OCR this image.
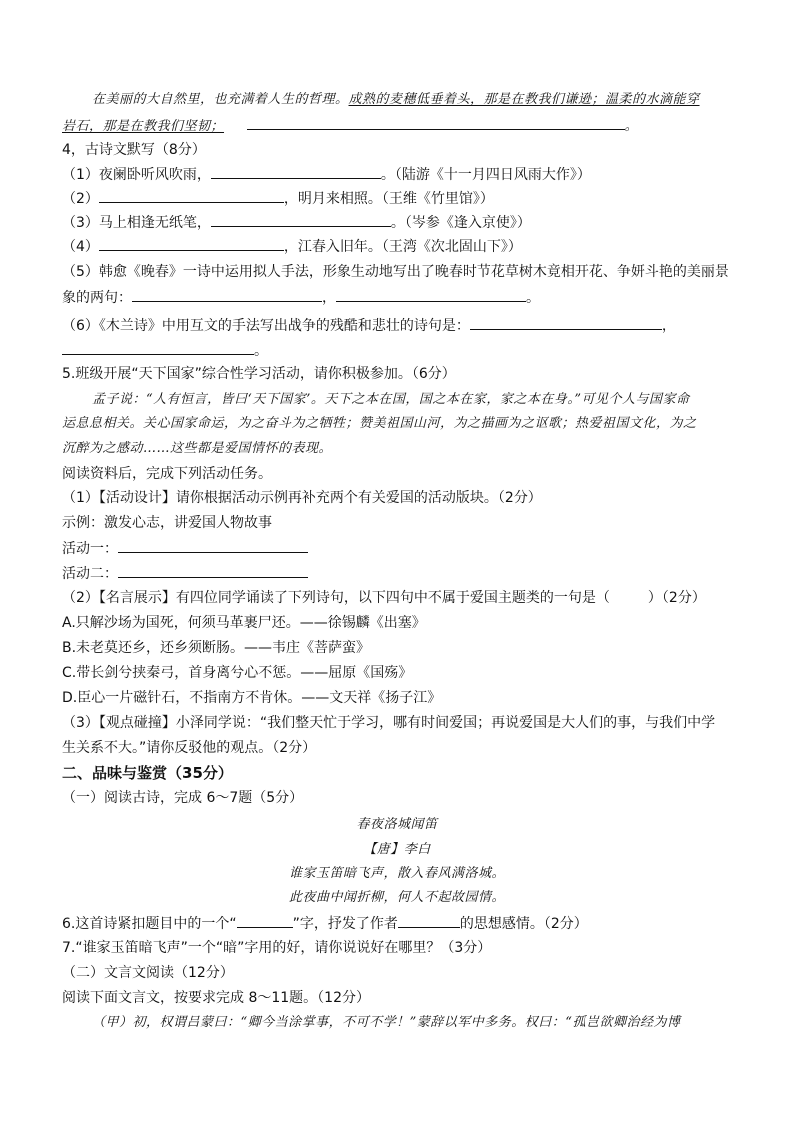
在美丽的大自然里，也充满着人生的哲理。成熟的麦穗低垂着头，那是在教我们谦逊；温柔的水滴能穿
岩石，那是在教我们坚韧；	。
4，古诗文默写（8分）
（1）夜阑卧听风吹雨，	。（陆游《十一月四日风雨大作》）
（2）	，明月来相照。（王维《竹里馆》）
（3）马上相逢无纸笔，	。（岑参《逢入京使》）
（4）	，江春入旧年。（王湾《次北固山下》）
（5）韩愈《晚春》一诗中运用拟人手法，形象生动地写出了晚春时节花草树木竟相开花、争妍斗艳的美丽景
象的两句：	，	。
（6）《木兰诗》中用互文的手法写出战争的残酷和悲壮的诗句是：	，
。
5.班级开展“天下国家”综合性学习活动，请你积极参加。（6分）
孟子说：“人有恒言，皆曰‘天下国家’。天下之本在国，国之本在家，家之本在身。”可见个人与国家命
运息息相关。关心国家命运，为之奋斗为之牺牲；赞美祖国山河，为之描画为之讴歌；热爱祖国文化，为之
沉醉为之感动……这些都是爱国情怀的表现。
阅读资料后，完成下列活动任务。
（1）【活动设计】请你根据活动示例再补充两个有关爱国的活动版块。（2分）
示例：激发心志，讲爱国人物故事
活动一：
活动二：
（2）【名言展示】有四位同学诵读了下列诗句，以下四句中不属于爱国主题类的一句是（	）（2分）
A.只解沙场为国死，何须马革裹尸还。——徐锡麟《出塞》
B.未老莫还乡，还乡须断肠。——韦庄《菩萨蛮》
C.带长剑兮挟秦弓，首身离兮心不惩。——屈原《国殇》
D.臣心一片磁针石，不指南方不肯休。——文天祥《扬子江》
（3）【观点碰撞】小泽同学说：“我们整天忙于学习，哪有时间爱国；再说爱国是大人们的事，与我们中学
生关系不大。”请你反驳他的观点。（2分）
二、品味与鉴赏（35分）
（一）阅读古诗，完成 6～7题（5分）
春夜洛城闻笛
【唐】李白
谁家玉笛暗飞声，散入春风满洛城。
此夜曲中闻折柳，何人不起故园情。
6.这首诗紧扣题目中的一个“	”字，抒发了作者	的思想感情。（2分）
7.“谁家玉笛暗飞声”一个“暗”字用的好，请你说说好在哪里？（3分）
（二）文言文阅读（12分）
阅读下面文言文，按要求完成 8～11题。（12分）
（甲）初，权谓吕蒙曰：“卿今当涂掌事，不可不学！”蒙辞以军中多务。权曰：“孤岂欲卿治经为博
